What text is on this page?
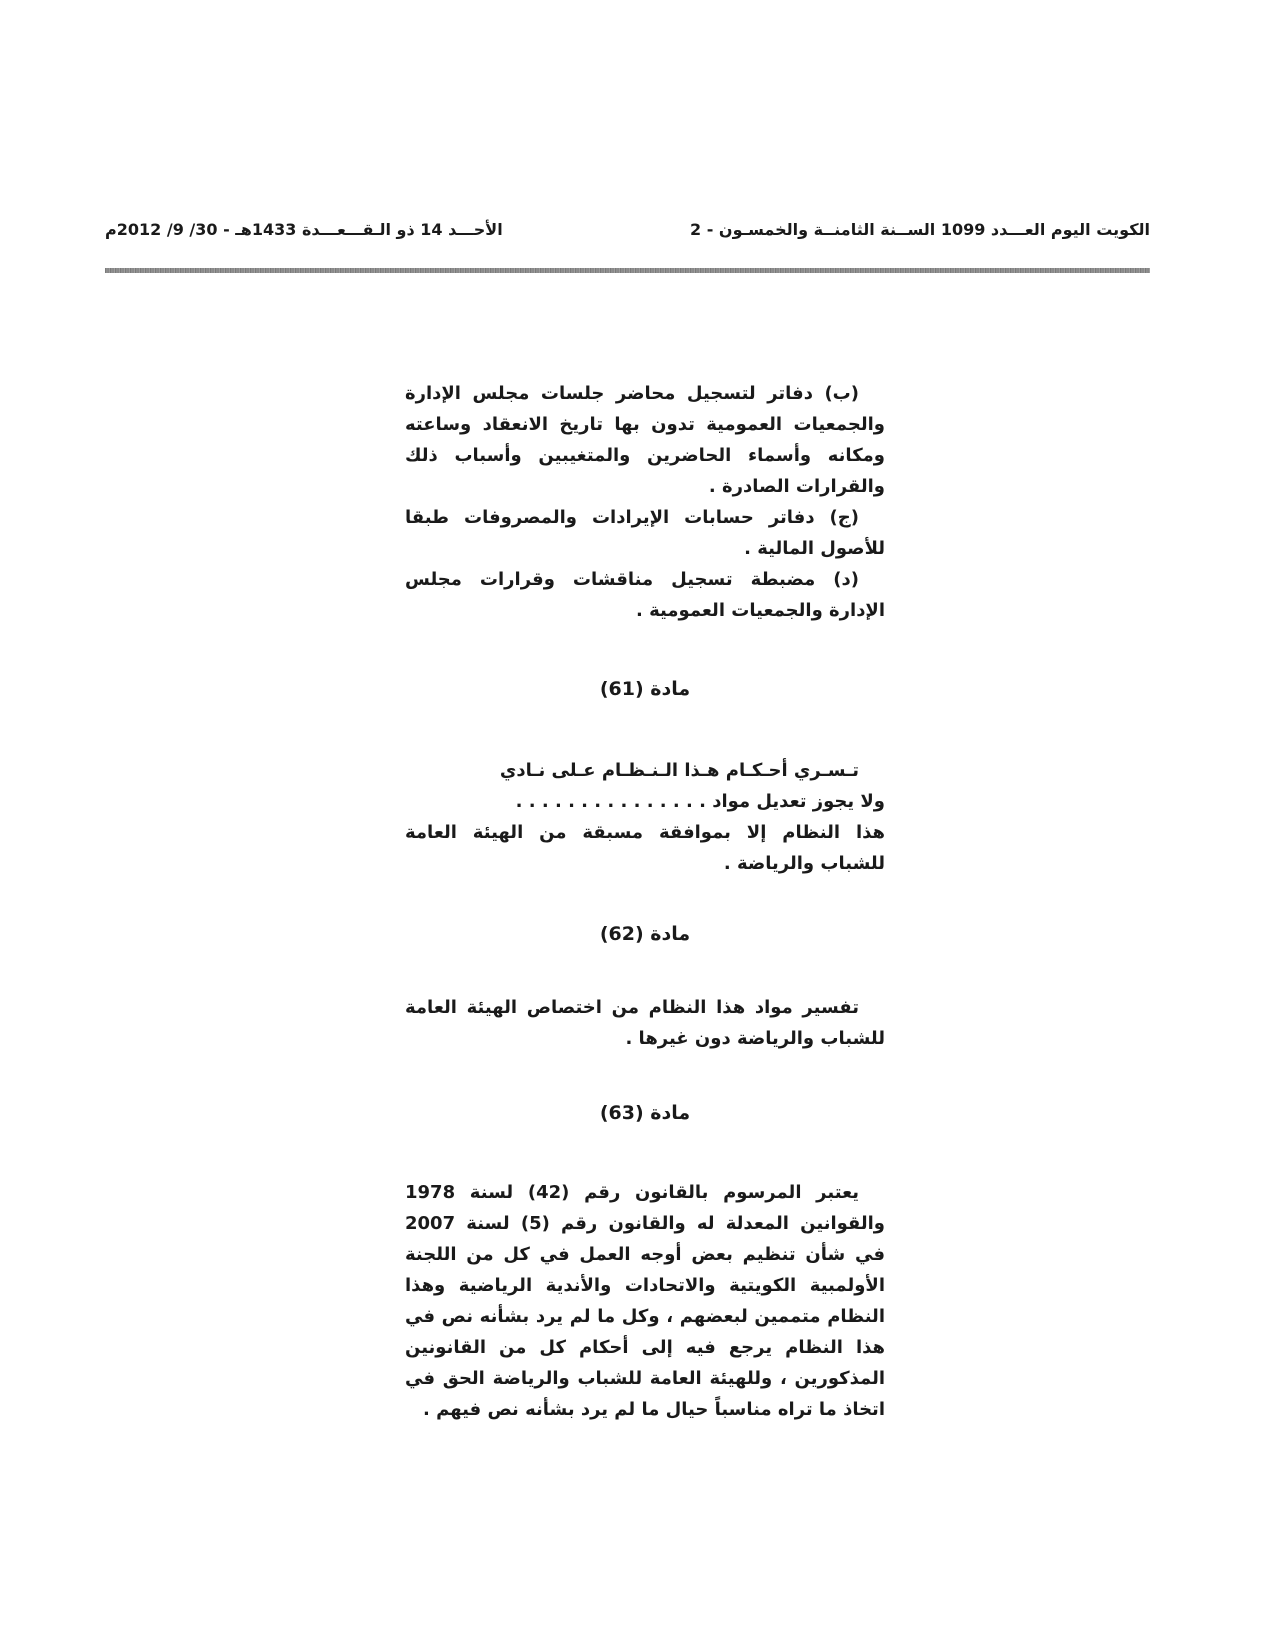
الكويت اليوم العـــدد 1099 الســنة الثامنــة والخمسـون - 2
الأحـــد 14 ذو الـقـــعـــدة 1433هـ - 30/ 9/ 2012م

(ب) دفاتر لتسجيل محاضر جلسات مجلس الإدارة والجمعيات العمومية تدون بها تاريخ الانعقاد وساعته ومكانه وأسماء الحاضرين والمتغيبين وأسباب ذلك والقرارات الصادرة .

(ج) دفاتر حسابات الإيرادات والمصروفات طبقا للأصول المالية .

(د) مضبطة تسجيل مناقشات وقرارات مجلس الإدارة والجمعيات العمومية .

مادة (61)

تـسـري أحـكـام هـذا الـنـظـام عـلى نـادي

ولا يجوز تعديل مواد . . . . . . . . . . . . . . .

هذا النظام إلا بموافقة مسبقة من الهيئة العامة للشباب والرياضة .

مادة (62)

تفسير مواد هذا النظام من اختصاص الهيئة العامة للشباب والرياضة دون غيرها .

مادة (63)

يعتبر المرسوم بالقانون رقم (42) لسنة 1978 والقوانين المعدلة له والقانون رقم (5) لسنة 2007 في شأن تنظيم بعض أوجه العمل في كل من اللجنة الأولمبية الكويتية والاتحادات والأندية الرياضية وهذا النظام متممين لبعضهم ، وكل ما لم يرد بشأنه نص في هذا النظام يرجع فيه إلى أحكام كل من القانونين المذكورين ، وللهيئة العامة للشباب والرياضة الحق في اتخاذ ما تراه مناسباً حيال ما لم يرد بشأنه نص فيهم .
